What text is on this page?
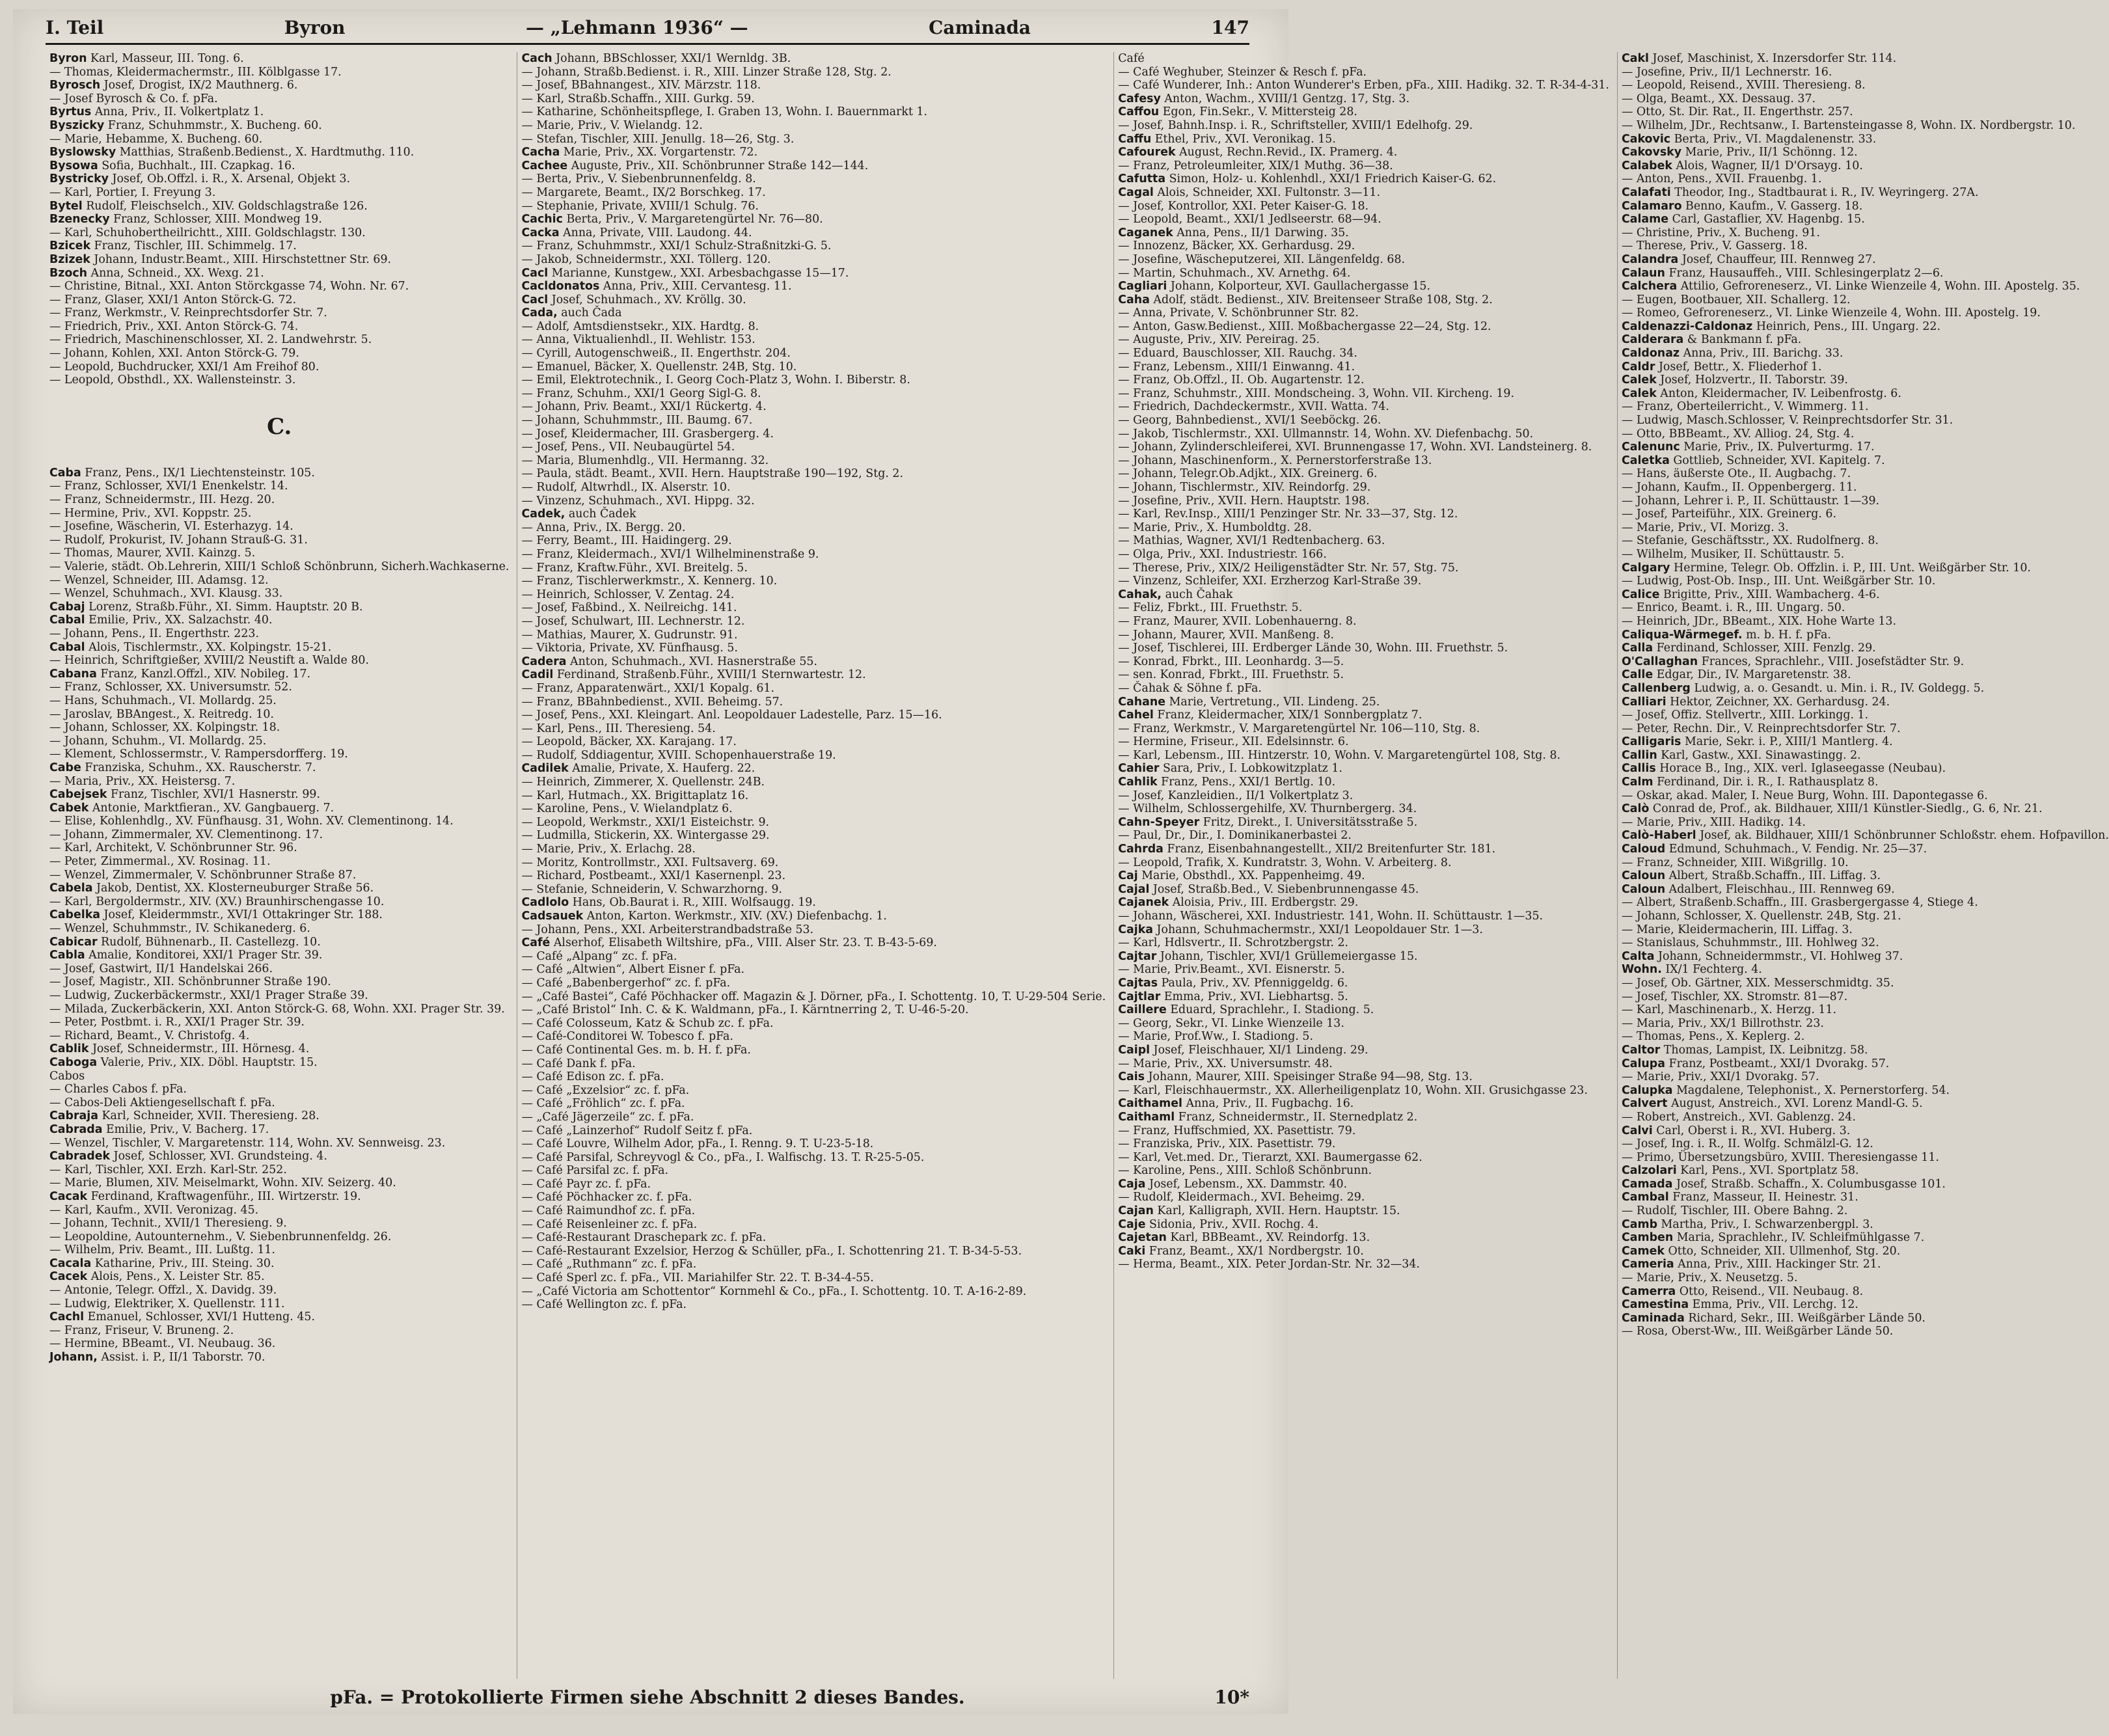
I. Teil	Byron	— „Lehmann 1936“ —	Caminada	147

Byron Karl, Masseur, III. Tong. 6.

— Thomas, Kleidermachermstr., III. Kölblgasse 17.

Byrosch Josef, Drogist, IX/2 Mauthnerg. 6.

— Josef Byrosch & Co. f. pFa.

Byrtus Anna, Priv., II. Volkertplatz 1.

Byszicky Franz, Schuhmmstr., X. Bucheng. 60.

— Marie, Hebamme, X. Bucheng. 60.

Byslowsky Matthias, Straßenb.Bedienst., X. Hardtmuthg. 110.

Bysowa Sofia, Buchhalt., III. Czapkag. 16.

Bystricky Josef, Ob.Offzl. i. R., X. Arsenal, Objekt 3.

— Karl, Portier, I. Freyung 3.

Bytel Rudolf, Fleischselch., XIV. Goldschlagstraße 126.

Bzenecky Franz, Schlosser, XIII. Mondweg 19.

— Karl, Schuhobertheilrichtt., XIII. Goldschlagstr. 130.

Bzicek Franz, Tischler, III. Schimmelg. 17.

Bzizek Johann, Industr.Beamt., XIII. Hirschstettner Str. 69.

Bzoch Anna, Schneid., XX. Wexg. 21.

— Christine, Bitnal., XXI. Anton Störckgasse 74, Wohn. Nr. 67.

— Franz, Glaser, XXI/1 Anton Störck-G. 72.

— Franz, Werkmstr., V. Reinprechtsdorfer Str. 7.

— Friedrich, Priv., XXI. Anton Störck-G. 74.

— Friedrich, Maschinenschlosser, XI. 2. Landwehrstr. 5.

— Johann, Kohlen, XXI. Anton Störck-G. 79.

— Leopold, Buchdrucker, XXI/1 Am Freihof 80.

— Leopold, Obsthdl., XX. Wallensteinstr. 3.

C.

Caba Franz, Pens., IX/1 Liechtensteinstr. 105.

— Franz, Schlosser, XVI/1 Enenkelstr. 14.

— Franz, Schneidermstr., III. Hezg. 20.

— Hermine, Priv., XVI. Koppstr. 25.

— Josefine, Wäscherin, VI. Esterhazyg. 14.

— Rudolf, Prokurist, IV. Johann Strauß-G. 31.

— Thomas, Maurer, XVII. Kainzg. 5.

— Valerie, städt. Ob.Lehrerin, XIII/1 Schloß Schönbrunn, Sicherh.Wachkaserne.

— Wenzel, Schneider, III. Adamsg. 12.

— Wenzel, Schuhmach., XVI. Klausg. 33.

Cabaj Lorenz, Straßb.Führ., XI. Simm. Hauptstr. 20 B.

Cabal Emilie, Priv., XX. Salzachstr. 40.

— Johann, Pens., II. Engerthstr. 223.

Cabal Alois, Tischlermstr., XX. Kolpingstr. 15-21.

— Heinrich, Schriftgießer, XVIII/2 Neustift a. Walde 80.

Cabana Franz, Kanzl.Offzl., XIV. Nobileg. 17.

— Franz, Schlosser, XX. Universumstr. 52.

— Hans, Schuhmach., VI. Mollardg. 25.

— Jaroslav, BBAngest., X. Reitredg. 10.

— Johann, Schlosser, XX. Kolpingstr. 18.

— Johann, Schuhm., VI. Mollardg. 25.

— Klement, Schlossermstr., V. Rampersdorfferg. 19.

Cabe Franziska, Schuhm., XX. Rauscherstr. 7.

— Maria, Priv., XX. Heistersg. 7.

Cabejsek Franz, Tischler, XVI/1 Hasnerstr. 99.

Cabek Antonie, Marktfieran., XV. Gangbauerg. 7.

— Elise, Kohlenhdlg., XV. Fünfhausg. 31, Wohn. XV. Clementinong. 14.

— Johann, Zimmermaler, XV. Clementinong. 17.

— Karl, Architekt, V. Schönbrunner Str. 96.

— Peter, Zimmermal., XV. Rosinag. 11.

— Wenzel, Zimmermaler, V. Schönbrunner Straße 87.

Cabela Jakob, Dentist, XX. Klosterneuburger Straße 56.

— Karl, Bergoldermstr., XIV. (XV.) Braunhirschengasse 10.

Cabelka Josef, Kleidermmstr., XVI/1 Ottakringer Str. 188.

— Wenzel, Schuhmmstr., IV. Schikanederg. 6.

Cabicar Rudolf, Bühnenarb., II. Castellezg. 10.

Cabla Amalie, Konditorei, XXI/1 Prager Str. 39.

— Josef, Gastwirt, II/1 Handelskai 266.

— Josef, Magistr., XII. Schönbrunner Straße 190.

— Ludwig, Zuckerbäckermstr., XXI/1 Prager Straße 39.

— Milada, Zuckerbäckerin, XXI. Anton Störck-G. 68, Wohn. XXI. Prager Str. 39.

— Peter, Postbmt. i. R., XXI/1 Prager Str. 39.

— Richard, Beamt., V. Christofg. 4.

Cablik Josef, Schneidermstr., III. Hörnesg. 4.

Caboga Valerie, Priv., XIX. Döbl. Hauptstr. 15.

Cabos

— Charles Cabos f. pFa.

— Cabos-Deli Aktiengesellschaft f. pFa.

Cabraja Karl, Schneider, XVII. Theresieng. 28.

Cabrada Emilie, Priv., V. Bacherg. 17.

— Wenzel, Tischler, V. Margaretenstr. 114, Wohn. XV. Sennweisg. 23.

Cabradek Josef, Schlosser, XVI. Grundsteing. 4.

— Karl, Tischler, XXI. Erzh. Karl-Str. 252.

— Marie, Blumen, XIV. Meiselmarkt, Wohn. XIV. Seizerg. 40.

Cacak Ferdinand, Kraftwagenführ., III. Wirtzerstr. 19.

— Karl, Kaufm., XVII. Veronizag. 45.

— Johann, Technit., XVII/1 Theresieng. 9.

— Leopoldine, Autounternehm., V. Siebenbrunnenfeldg. 26.

— Wilhelm, Priv. Beamt., III. Lußtg. 11.

Cacala Katharine, Priv., III. Steing. 30.

Cacek Alois, Pens., X. Leister Str. 85.

— Antonie, Telegr. Offzl., X. Davidg. 39.

— Ludwig, Elektriker, X. Quellenstr. 111.

Cachl Emanuel, Schlosser, XVI/1 Hutteng. 45.

— Franz, Friseur, V. Bruneng. 2.

— Hermine, BBeamt., VI. Neubaug. 36.

Johann, Assist. i. P., II/1 Taborstr. 70.

Cach Johann, BBSchlosser, XXI/1 Wernldg. 3B.

— Johann, Straßb.Bedienst. i. R., XIII. Linzer Straße 128, Stg. 2.

— Josef, BBahnangest., XIV. Märzstr. 118.

— Karl, Straßb.Schaffn., XIII. Gurkg. 59.

— Katharine, Schönheitspflege, I. Graben 13, Wohn. I. Bauernmarkt 1.

— Marie, Priv., V. Wielandg. 12.

— Stefan, Tischler, XIII. Jenullg. 18—26, Stg. 3.

Cacha Marie, Priv., XX. Vorgartenstr. 72.

Cachee Auguste, Priv., XII. Schönbrunner Straße 142—144.

— Berta, Priv., V. Siebenbrunnenfeldg. 8.

— Margarete, Beamt., IX/2 Borschkeg. 17.

— Stephanie, Private, XVIII/1 Schulg. 76.

Cachic Berta, Priv., V. Margaretengürtel Nr. 76—80.

Cacka Anna, Private, VIII. Laudong. 44.

— Franz, Schuhmmstr., XXI/1 Schulz-Straßnitzki-G. 5.

— Jakob, Schneidermstr., XXI. Töllerg. 120.

Cacl Marianne, Kunstgew., XXI. Arbesbachgasse 15—17.

Cacldonatos Anna, Priv., XIII. Cervantesg. 11.

Cacl Josef, Schuhmach., XV. Kröllg. 30.

Cada, auch Čada

— Adolf, Amtsdienstsekr., XIX. Hardtg. 8.

— Anna, Viktualienhdl., II. Wehlistr. 153.

— Cyrill, Autogenschweiß., II. Engerthstr. 204.

— Emanuel, Bäcker, X. Quellenstr. 24B, Stg. 10.

— Emil, Elektrotechnik., I. Georg Coch-Platz 3, Wohn. I. Biberstr. 8.

— Franz, Schuhm., XXI/1 Georg Sigl-G. 8.

— Johann, Priv. Beamt., XXI/1 Rückertg. 4.

— Johann, Schuhmmstr., III. Baumg. 67.

— Josef, Kleidermacher, III. Grasbergerg. 4.

— Josef, Pens., VII. Neubaugürtel 54.

— Maria, Blumenhdlg., VII. Hermanng. 32.

— Paula, städt. Beamt., XVII. Hern. Hauptstraße 190—192, Stg. 2.

— Rudolf, Altwrhdl., IX. Alserstr. 10.

— Vinzenz, Schuhmach., XVI. Hippg. 32.

Cadek, auch Čadek

— Anna, Priv., IX. Bergg. 20.

— Ferry, Beamt., III. Haidingerg. 29.

— Franz, Kleidermach., XVI/1 Wilhelminenstraße 9.

— Franz, Kraftw.Führ., XVI. Breitelg. 5.

— Franz, Tischlerwerkmstr., X. Kennerg. 10.

— Heinrich, Schlosser, V. Zentag. 24.

— Josef, Faßbind., X. Neilreichg. 141.

— Josef, Schulwart, III. Lechnerstr. 12.

— Mathias, Maurer, X. Gudrunstr. 91.

— Viktoria, Private, XV. Fünfhausg. 5.

Cadera Anton, Schuhmach., XVI. Hasnerstraße 55.

Cadil Ferdinand, Straßenb.Führ., XVIII/1 Sternwartestr. 12.

— Franz, Apparatenwärt., XXI/1 Kopalg. 61.

— Franz, BBahnbedienst., XVII. Beheimg. 57.

— Josef, Pens., XXI. Kleingart. Anl. Leopoldauer Ladestelle, Parz. 15—16.

— Karl, Pens., III. Theresieng. 54.

— Leopold, Bäcker, XX. Karajang. 17.

— Rudolf, Sddiagentur, XVIII. Schopenhauerstraße 19.

Cadilek Amalie, Private, X. Hauferg. 22.

— Heinrich, Zimmerer, X. Quellenstr. 24B.

— Karl, Hutmach., XX. Brigittaplatz 16.

— Karoline, Pens., V. Wielandplatz 6.

— Leopold, Werkmstr., XXI/1 Eisteichstr. 9.

— Ludmilla, Stickerin, XX. Wintergasse 29.

— Marie, Priv., X. Erlachg. 28.

— Moritz, Kontrollmstr., XXI. Fultsaverg. 69.

— Richard, Postbeamt., XXI/1 Kasernenpl. 23.

— Stefanie, Schneiderin, V. Schwarzhorng. 9.

Cadlolo Hans, Ob.Baurat i. R., XIII. Wolfsaugg. 19.

Cadsauek Anton, Karton. Werkmstr., XIV. (XV.) Diefenbachg. 1.

— Johann, Pens., XXI. Arbeiterstrandbadstraße 53.

Café Alserhof, Elisabeth Wiltshire, pFa., VIII. Alser Str. 23. T. B-43-5-69.

— Café „Alpang“ zc. f. pFa.

— Café „Altwien“, Albert Eisner f. pFa.

— Café „Babenbergerhof“ zc. f. pFa.

— „Café Bastei“, Café Pöchhacker off. Magazin & J. Dörner, pFa., I. Schottentg. 10, T. U-29-504 Serie.

— „Café Bristol“ Inh. C. & K. Waldmann, pFa., I. Kärntnerring 2, T. U-46-5-20.

— Café Colosseum, Katz & Schub zc. f. pFa.

— Café-Conditorei W. Tobesco f. pFa.

— Café Continental Ges. m. b. H. f. pFa.

— Café Dank f. pFa.

— Café Edison zc. f. pFa.

— Café „Exzelsior“ zc. f. pFa.

— Café „Fröhlich“ zc. f. pFa.

— „Café Jägerzeile“ zc. f. pFa.

— Café „Lainzerhof“ Rudolf Seitz f. pFa.

— Café Louvre, Wilhelm Ador, pFa., I. Renng. 9. T. U-23-5-18.

— Café Parsifal, Schreyvogl & Co., pFa., I. Walfischg. 13. T. R-25-5-05.

— Café Parsifal zc. f. pFa.

— Café Payr zc. f. pFa.

— Café Pöchhacker zc. f. pFa.

— Café Raimundhof zc. f. pFa.

— Café Reisenleiner zc. f. pFa.

— Café-Restaurant Draschepark zc. f. pFa.

— Café-Restaurant Exzelsior, Herzog & Schüller, pFa., I. Schottenring 21. T. B-34-5-53.

— Café „Ruthmann“ zc. f. pFa.

— Café Sperl zc. f. pFa., VII. Mariahilfer Str. 22. T. B-34-4-55.

— „Café Victoria am Schottentor“ Kornmehl & Co., pFa., I. Schottentg. 10. T. A-16-2-89.

— Café Wellington zc. f. pFa.

Café

— Café Weghuber, Steinzer & Resch f. pFa.

— Café Wunderer, Inh.: Anton Wunderer's Erben, pFa., XIII. Hadikg. 32. T. R-34-4-31.

Cafesy Anton, Wachm., XVIII/1 Gentzg. 17, Stg. 3.

Caffou Egon, Fin.Sekr., V. Mittersteig 28.

— Josef, Bahnh.Insp. i. R., Schriftsteller, XVIII/1 Edelhofg. 29.

Caffu Ethel, Priv., XVI. Veronikag. 15.

Cafourek August, Rechn.Revid., IX. Pramerg. 4.

— Franz, Petroleumleiter, XIX/1 Muthg. 36—38.

Cafutta Simon, Holz- u. Kohlenhdl., XXI/1 Friedrich Kaiser-G. 62.

Cagal Alois, Schneider, XXI. Fultonstr. 3—11.

— Josef, Kontrollor, XXI. Peter Kaiser-G. 18.

— Leopold, Beamt., XXI/1 Jedlseerstr. 68—94.

Caganek Anna, Pens., II/1 Darwing. 35.

— Innozenz, Bäcker, XX. Gerhardusg. 29.

— Josefine, Wäscheputzerei, XII. Längenfeldg. 68.

— Martin, Schuhmach., XV. Arnethg. 64.

Cagliari Johann, Kolporteur, XVI. Gaullachergasse 15.

Caha Adolf, städt. Bedienst., XIV. Breitenseer Straße 108, Stg. 2.

— Anna, Private, V. Schönbrunner Str. 82.

— Anton, Gasw.Bedienst., XIII. Moßbachergasse 22—24, Stg. 12.

— Auguste, Priv., XIV. Pereirag. 25.

— Eduard, Bauschlosser, XII. Rauchg. 34.

— Franz, Lebensm., XIII/1 Einwanng. 41.

— Franz, Ob.Offzl., II. Ob. Augartenstr. 12.

— Franz, Schuhmstr., XIII. Mondscheing. 3, Wohn. VII. Kircheng. 19.

— Friedrich, Dachdeckermstr., XVII. Watta. 74.

— Georg, Bahnbedienst., XVI/1 Seeböckg. 26.

— Jakob, Tischlermstr., XXI. Ullmannstr. 14, Wohn. XV. Diefenbachg. 50.

— Johann, Zylinderschleiferei, XVI. Brunnengasse 17, Wohn. XVI. Landsteinerg. 8.

— Johann, Maschinenform., X. Pernerstorferstraße 13.

— Johann, Telegr.Ob.Adjkt., XIX. Greinerg. 6.

— Johann, Tischlermstr., XIV. Reindorfg. 29.

— Josefine, Priv., XVII. Hern. Hauptstr. 198.

— Karl, Rev.Insp., XIII/1 Penzinger Str. Nr. 33—37, Stg. 12.

— Marie, Priv., X. Humboldtg. 28.

— Mathias, Wagner, XVI/1 Redtenbacherg. 63.

— Olga, Priv., XXI. Industriestr. 166.

— Therese, Priv., XIX/2 Heiligenstädter Str. Nr. 57, Stg. 75.

— Vinzenz, Schleifer, XXI. Erzherzog Karl-Straße 39.

Cahak, auch Čahak

— Feliz, Fbrkt., III. Fruethstr. 5.

— Franz, Maurer, XVII. Lobenhauerng. 8.

— Johann, Maurer, XVII. Manßeng. 8.

— Josef, Tischlerei, III. Erdberger Lände 30, Wohn. III. Fruethstr. 5.

— Konrad, Fbrkt., III. Leonhardg. 3—5.

— sen. Konrad, Fbrkt., III. Fruethstr. 5.

— Čahak & Söhne f. pFa.

Cahane Marie, Vertretung., VII. Lindeng. 25.

Cahel Franz, Kleidermacher, XIX/1 Sonnbergplatz 7.

— Franz, Werkmstr., V. Margaretengürtel Nr. 106—110, Stg. 8.

— Hermine, Friseur., XII. Edelsinnstr. 6.

— Karl, Lebensm., III. Hintzerstr. 10, Wohn. V. Margaretengürtel 108, Stg. 8.

Cahier Sara, Priv., I. Lobkowitzplatz 1.

Cahlik Franz, Pens., XXI/1 Bertlg. 10.

— Josef, Kanzleidien., II/1 Volkertplatz 3.

— Wilhelm, Schlossergehilfe, XV. Thurnbergerg. 34.

Cahn-Speyer Fritz, Direkt., I. Universitätsstraße 5.

— Paul, Dr., Dir., I. Dominikanerbastei 2.

Cahrda Franz, Eisenbahnangestellt., XII/2 Breitenfurter Str. 181.

— Leopold, Trafik, X. Kundratstr. 3, Wohn. V. Arbeiterg. 8.

Caj Marie, Obsthdl., XX. Pappenheimg. 49.

Cajal Josef, Straßb.Bed., V. Siebenbrunnengasse 45.

Cajanek Aloisia, Priv., III. Erdbergstr. 29.

— Johann, Wäscherei, XXI. Industriestr. 141, Wohn. II. Schüttaustr. 1—35.

Cajka Johann, Schuhmachermstr., XXI/1 Leopoldauer Str. 1—3.

— Karl, Hdlsvertr., II. Schrotzbergstr. 2.

Cajtar Johann, Tischler, XVI/1 Grüllemeiergasse 15.

— Marie, Priv.Beamt., XVI. Eisnerstr. 5.

Cajtas Paula, Priv., XV. Pfenniggeldg. 6.

Cajtlar Emma, Priv., XVI. Liebhartsg. 5.

Caillere Eduard, Sprachlehr., I. Stadiong. 5.

— Georg, Sekr., VI. Linke Wienzeile 13.

— Marie, Prof.Ww., I. Stadiong. 5.

Caipl Josef, Fleischhauer, XI/1 Lindeng. 29.

— Marie, Priv., XX. Universumstr. 48.

Cais Johann, Maurer, XIII. Speisinger Straße 94—98, Stg. 13.

— Karl, Fleischhauermstr., XX. Allerheiligenplatz 10, Wohn. XII. Grusichgasse 23.

Caithamel Anna, Priv., II. Fugbachg. 16.

Caithaml Franz, Schneidermstr., II. Sternedplatz 2.

— Franz, Huffschmied, XX. Pasettistr. 79.

— Franziska, Priv., XIX. Pasettistr. 79.

— Karl, Vet.med. Dr., Tierarzt, XXI. Baumergasse 62.

— Karoline, Pens., XIII. Schloß Schönbrunn.

Caja Josef, Lebensm., XX. Dammstr. 40.

— Rudolf, Kleidermach., XVI. Beheimg. 29.

Cajan Karl, Kalligraph, XVII. Hern. Hauptstr. 15.

Caje Sidonia, Priv., XVII. Rochg. 4.

Cajetan Karl, BBBeamt., XV. Reindorfg. 13.

Caki Franz, Beamt., XX/1 Nordbergstr. 10.

— Herma, Beamt., XIX. Peter Jordan-Str. Nr. 32—34.

Cakl Josef, Maschinist, X. Inzersdorfer Str. 114.

— Josefine, Priv., II/1 Lechnerstr. 16.

— Leopold, Reisend., XVIII. Theresieng. 8.

— Olga, Beamt., XX. Dessaug. 37.

— Otto, St. Dir. Rat., II. Engerthstr. 257.

— Wilhelm, JDr., Rechtsanw., I. Bartensteingasse 8, Wohn. IX. Nordbergstr. 10.

Cakovic Berta, Priv., VI. Magdalenenstr. 33.

Cakovsky Marie, Priv., II/1 Schönng. 12.

Calabek Alois, Wagner, II/1 D'Orsayg. 10.

— Anton, Pens., XVII. Frauenbg. 1.

Calafati Theodor, Ing., Stadtbaurat i. R., IV. Weyringerg. 27A.

Calamaro Benno, Kaufm., V. Gasserg. 18.

Calame Carl, Gastaflier, XV. Hagenbg. 15.

— Christine, Priv., X. Bucheng. 91.

— Therese, Priv., V. Gasserg. 18.

Calandra Josef, Chauffeur, III. Rennweg 27.

Calaun Franz, Hausauffeh., VIII. Schlesingerplatz 2—6.

Calchera Attilio, Gefroreneserz., VI. Linke Wienzeile 4, Wohn. III. Apostelg. 35.

— Eugen, Bootbauer, XII. Schallerg. 12.

— Romeo, Gefroreneserz., VI. Linke Wienzeile 4, Wohn. III. Apostelg. 19.

Caldenazzi-Caldonaz Heinrich, Pens., III. Ungarg. 22.

Calderara & Bankmann f. pFa.

Caldonaz Anna, Priv., III. Barichg. 33.

Caldr Josef, Bettr., X. Fliederhof 1.

Calek Josef, Holzvertr., II. Taborstr. 39.

Calek Anton, Kleidermacher, IV. Leibenfrostg. 6.

— Franz, Oberteilerricht., V. Wimmerg. 11.

— Ludwig, Masch.Schlosser, V. Reinprechtsdorfer Str. 31.

— Otto, BBBeamt., XV. Alliog. 24, Stg. 4.

Calenunc Marie, Priv., IX. Pulverturmg. 17.

Caletka Gottlieb, Schneider, XVI. Kapitelg. 7.

— Hans, äußerste Ote., II. Augbachg. 7.

— Johann, Kaufm., II. Oppenbergerg. 11.

— Johann, Lehrer i. P., II. Schüttaustr. 1—39.

— Josef, Parteiführ., XIX. Greinerg. 6.

— Marie, Priv., VI. Morizg. 3.

— Stefanie, Geschäftsstr., XX. Rudolfnerg. 8.

— Wilhelm, Musiker, II. Schüttaustr. 5.

Calgary Hermine, Telegr. Ob. Offzlin. i. P., III. Unt. Weißgärber Str. 10.

— Ludwig, Post-Ob. Insp., III. Unt. Weißgärber Str. 10.

Calice Brigitte, Priv., XIII. Wambacherg. 4-6.

— Enrico, Beamt. i. R., III. Ungarg. 50.

— Heinrich, JDr., BBeamt., XIX. Hohe Warte 13.

Caliqua-Wärmegef. m. b. H. f. pFa.

Calla Ferdinand, Schlosser, XIII. Fenzlg. 29.

O'Callaghan Frances, Sprachlehr., VIII. Josefstädter Str. 9.

Calle Edgar, Dir., IV. Margaretenstr. 38.

Callenberg Ludwig, a. o. Gesandt. u. Min. i. R., IV. Goldegg. 5.

Calliari Hektor, Zeichner, XX. Gerhardusg. 24.

— Josef, Offiz. Stellvertr., XIII. Lorkingg. 1.

— Peter, Rechn. Dir., V. Reinprechtsdorfer Str. 7.

Calligaris Marie, Sekr. i. P., XIII/1 Mantlerg. 4.

Callin Karl, Gastw., XXI. Sinawastingg. 2.

Callis Horace B., Ing., XIX. verl. Iglaseegasse (Neubau).

Calm Ferdinand, Dir. i. R., I. Rathausplatz 8.

— Oskar, akad. Maler, I. Neue Burg, Wohn. III. Dapontegasse 6.

Calò Conrad de, Prof., ak. Bildhauer, XIII/1 Künstler-Siedlg., G. 6, Nr. 21.

— Marie, Priv., XIII. Hadikg. 14.

Calò-Haberl Josef, ak. Bildhauer, XIII/1 Schönbrunner Schloßstr. ehem. Hofpavillon.

Caloud Edmund, Schuhmach., V. Fendig. Nr. 25—37.

— Franz, Schneider, XIII. Wißgrillg. 10.

Caloun Albert, Straßb.Schaffn., III. Liffag. 3.

Caloun Adalbert, Fleischhau., III. Rennweg 69.

— Albert, Straßenb.Schaffn., III. Grasbergergasse 4, Stiege 4.

— Johann, Schlosser, X. Quellenstr. 24B, Stg. 21.

— Marie, Kleidermacherin, III. Liffag. 3.

— Stanislaus, Schuhmmstr., III. Hohlweg 32.

Calta Johann, Schneidermmstr., VI. Hohlweg 37.

Wohn. IX/1 Fechterg. 4.

— Josef, Ob. Gärtner, XIX. Messerschmidtg. 35.

— Josef, Tischler, XX. Stromstr. 81—87.

— Karl, Maschinenarb., X. Herzg. 11.

— Maria, Priv., XX/1 Billrothstr. 23.

— Thomas, Pens., X. Keplerg. 2.

Caltor Thomas, Lampist, IX. Leibnitzg. 58.

Calupa Franz, Postbeamt., XXI/1 Dvorakg. 57.

— Marie, Priv., XXI/1 Dvorakg. 57.

Calupka Magdalene, Telephonist., X. Pernerstorferg. 54.

Calvert August, Anstreich., XVI. Lorenz Mandl-G. 5.

— Robert, Anstreich., XVI. Gablenzg. 24.

Calvi Carl, Oberst i. R., XVI. Huberg. 3.

— Josef, Ing. i. R., II. Wolfg. Schmälzl-G. 12.

— Primo, Übersetzungsbüro, XVIII. Theresiengasse 11.

Calzolari Karl, Pens., XVI. Sportplatz 58.

Camada Josef, Straßb. Schaffn., X. Columbusgasse 101.

Cambal Franz, Masseur, II. Heinestr. 31.

— Rudolf, Tischler, III. Obere Bahng. 2.

Camb Martha, Priv., I. Schwarzenbergpl. 3.

Camben Maria, Sprachlehr., IV. Schleifmühlgasse 7.

Camek Otto, Schneider, XII. Ullmenhof, Stg. 20.

Cameria Anna, Priv., XIII. Hackinger Str. 21.

— Marie, Priv., X. Neusetzg. 5.

Camerra Otto, Reisend., VII. Neubaug. 8.

Camestina Emma, Priv., VII. Lerchg. 12.

Caminada Richard, Sekr., III. Weißgärber Lände 50.

— Rosa, Oberst-Ww., III. Weißgärber Lände 50.

pFa. = Protokollierte Firmen siehe Abschnitt 2 dieses Bandes.	10*
